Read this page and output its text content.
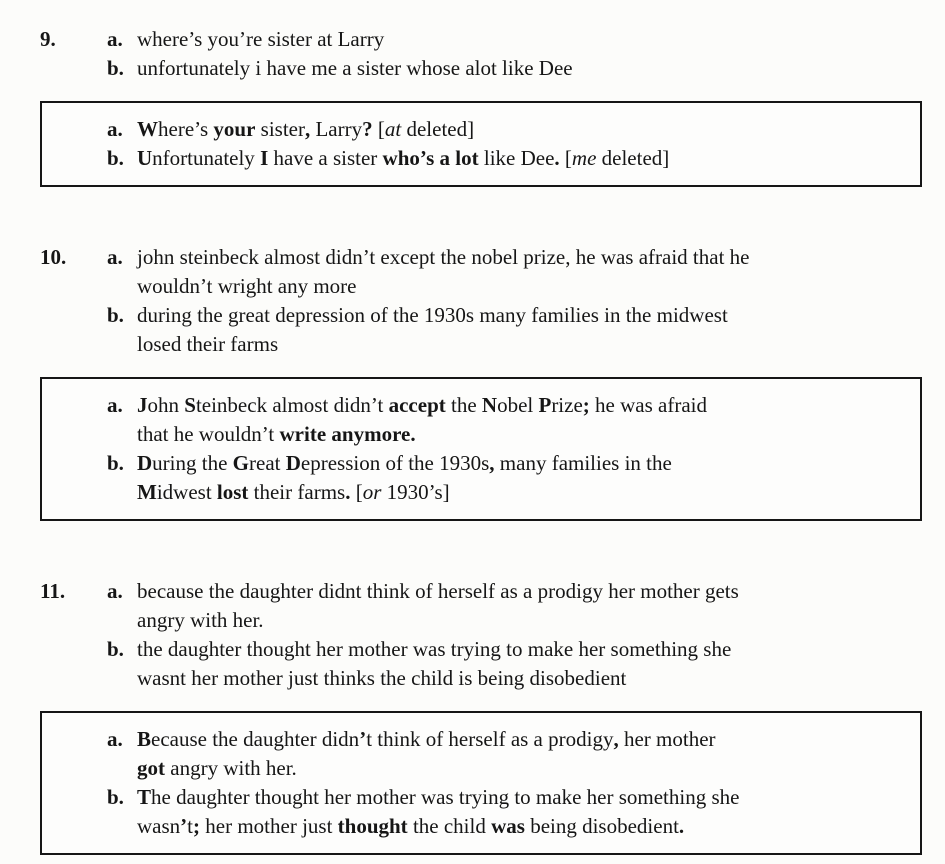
9.	a. where’s you’re sister at Larry
b. unfortunately i have me a sister whose alot like Dee
a. Where’s your sister, Larry? [at deleted]
b. Unfortunately I have a sister who’s a lot like Dee. [me deleted]
10.	a. john steinbeck almost didn’t except the nobel prize, he was afraid that he
wouldn’t wright any more
b. during the great depression of the 1930s many families in the midwest
losed their farms
a. John Steinbeck almost didn’t accept the Nobel Prize; he was afraid
that he wouldn’t write anymore.
b. During the Great Depression of the 1930s, many families in the
Midwest lost their farms. [or 1930’s]
11.	a. because the daughter didnt think of herself as a prodigy her mother gets
angry with her.
b. the daughter thought her mother was trying to make her something she
wasnt her mother just thinks the child is being disobedient
a. Because the daughter didn’t think of herself as a prodigy, her mother
got angry with her.
b. The daughter thought her mother was trying to make her something she
wasn’t; her mother just thought the child was being disobedient.
